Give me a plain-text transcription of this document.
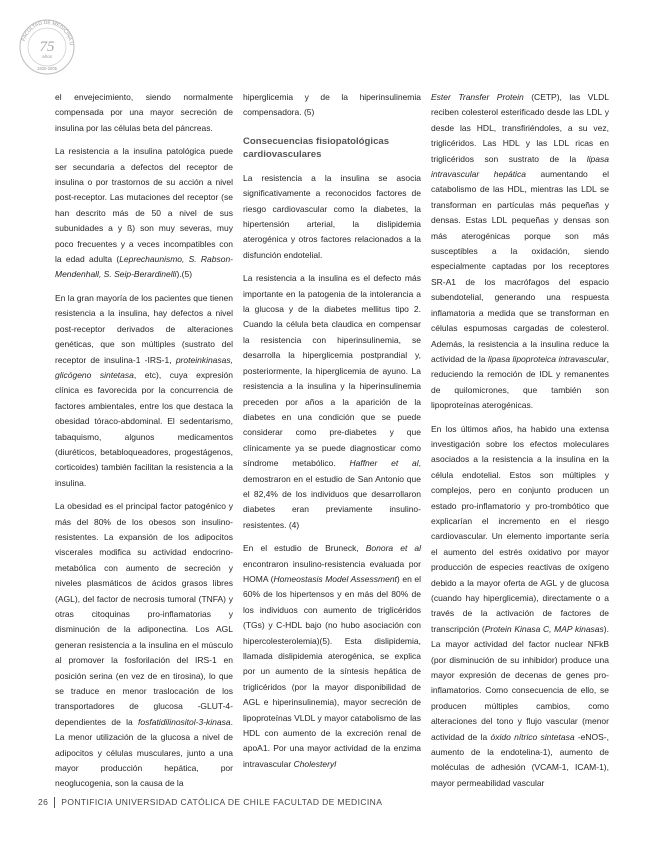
FACULTAD DE MEDICINA U
75
años
1930-2005

el envejecimiento, siendo normalmente compensada por una mayor secreción de insulina por las células beta del páncreas.

La resistencia a la insulina patológica puede ser secundaria a defectos del receptor de insulina o por trastornos de su acción a nivel post-receptor. Las mutaciones del receptor (se han descrito más de 50 a nivel de sus subunidades a y ß) son muy severas, muy poco frecuentes y a veces incompatibles con la edad adulta (Leprechaunismo, S. Rabson-Mendenhall, S. Seip-Berardinelli).(5)

En la gran mayoría de los pacientes que tienen resistencia a la insulina, hay defectos a nivel post-receptor derivados de alteraciones genéticas, que son múltiples (sustrato del receptor de insulina-1 -IRS-1, proteinkinasas, glicógeno sintetasa, etc), cuya expresión clínica es favorecida por la concurrencia de factores ambientales, entre los que destaca la obesidad tóraco-abdominal. El sedentarismo, tabaquismo, algunos medicamentos (diuréticos, betabloqueadores, progestágenos, corticoides) también facilitan la resistencia a la insulina.

La obesidad es el principal factor patogénico y más del 80% de los obesos son insulino-resistentes. La expansión de los adipocitos viscerales modifica su actividad endocrino-metabólica con aumento de secreción y niveles plasmáticos de ácidos grasos libres (AGL), del factor de necrosis tumoral (TNFA) y otras citoquinas pro-inflamatorias y disminución de la adiponectina. Los AGL generan resistencia a la insulina en el músculo al promover la fosforilación del IRS-1 en posición serina (en vez de en tirosina), lo que se traduce en menor traslocación de los transportadores de glucosa -GLUT-4- dependientes de la fosfatidilinositol-3-kinasa. La menor utilización de la glucosa a nivel de adipocitos y células musculares, junto a una mayor producción hepática, por neoglucogenia, son la causa de la

hiperglicemia y de la hiperinsulinemia compensadora. (5)

Consecuencias fisiopatológicas cardiovasculares

La resistencia a la insulina se asocia significativamente a reconocidos factores de riesgo cardiovascular como la diabetes, la hipertensión arterial, la dislipidemia aterogénica y otros factores relacionados a la disfunción endotelial.

La resistencia a la insulina es el defecto más importante en la patogenia de la intolerancia a la glucosa y de la diabetes mellitus tipo 2. Cuando la célula beta claudica en compensar la resistencia con hiperinsulinemia, se desarrolla la hiperglicemia postprandial y, posteriormente, la hiperglicemia de ayuno. La resistencia a la insulina y la hiperinsulinemia preceden por años a la aparición de la diabetes en una condición que se puede considerar como pre-diabetes y que clínicamente ya se puede diagnosticar como síndrome metabólico. Haffner et al, demostraron en el estudio de San Antonio que el 82,4% de los individuos que desarrollaron diabetes eran previamente insulino-resistentes. (4)

En el estudio de Bruneck, Bonora et al encontraron insulino-resistencia evaluada por HOMA (Homeostasis Model Assessment) en el 60% de los hipertensos y en más del 80% de los individuos con aumento de triglicéridos (TGs) y C-HDL bajo (no hubo asociación con hipercolesterolemia)(5). Esta dislipidemia, llamada dislipidemia aterogénica, se explica por un aumento de la síntesis hepática de triglicéridos (por la mayor disponibilidad de AGL e hiperinsulinemia), mayor secreción de lipoproteínas VLDL y mayor catabolismo de las HDL con aumento de la excreción renal de apoA1. Por una mayor actividad de la enzima intravascular Cholesteryl

Ester Transfer Protein (CETP), las VLDL reciben colesterol esterificado desde las LDL y desde las HDL, transfiriéndoles, a su vez, triglicéridos. Las HDL y las LDL ricas en triglicéridos son sustrato de la lipasa intravascular hepática aumentando el catabolismo de las HDL, mientras las LDL se transforman en partículas más pequeñas y densas. Estas LDL pequeñas y densas son más aterogénicas porque son más susceptibles a la oxidación, siendo especialmente captadas por los receptores SR-A1 de los macrófagos del espacio subendotelial, generando una respuesta inflamatoria a medida que se transforman en células espumosas cargadas de colesterol. Además, la resistencia a la insulina reduce la actividad de la lipasa lipoproteica intravascular, reduciendo la remoción de IDL y remanentes de quilomicrones, que también son lipoproteínas aterogénicas.

En los últimos años, ha habido una extensa investigación sobre los efectos moleculares asociados a la resistencia a la insulina en la célula endotelial. Estos son múltiples y complejos, pero en conjunto producen un estado pro-inflamatorio y pro-trombótico que explicarían el incremento en el riesgo cardiovascular. Un elemento importante sería el aumento del estrés oxidativo por mayor producción de especies reactivas de oxígeno debido a la mayor oferta de AGL y de glucosa (cuando hay hiperglicemia), directamente o a través de la activación de factores de transcripción (Protein Kinasa C, MAP kinasas). La mayor actividad del factor nuclear NFkB (por disminución de su inhibidor) produce una mayor expresión de decenas de genes pro-inflamatorios. Como consecuencia de ello, se producen múltiples cambios, como alteraciones del tono y flujo vascular (menor actividad de la óxido nítrico sintetasa -eNOS-, aumento de la endotelina-1), aumento de moléculas de adhesión (VCAM-1, ICAM-1), mayor permeabilidad vascular

26 PONTIFICIA UNIVERSIDAD CATÓLICA DE CHILE FACULTAD DE MEDICINA
